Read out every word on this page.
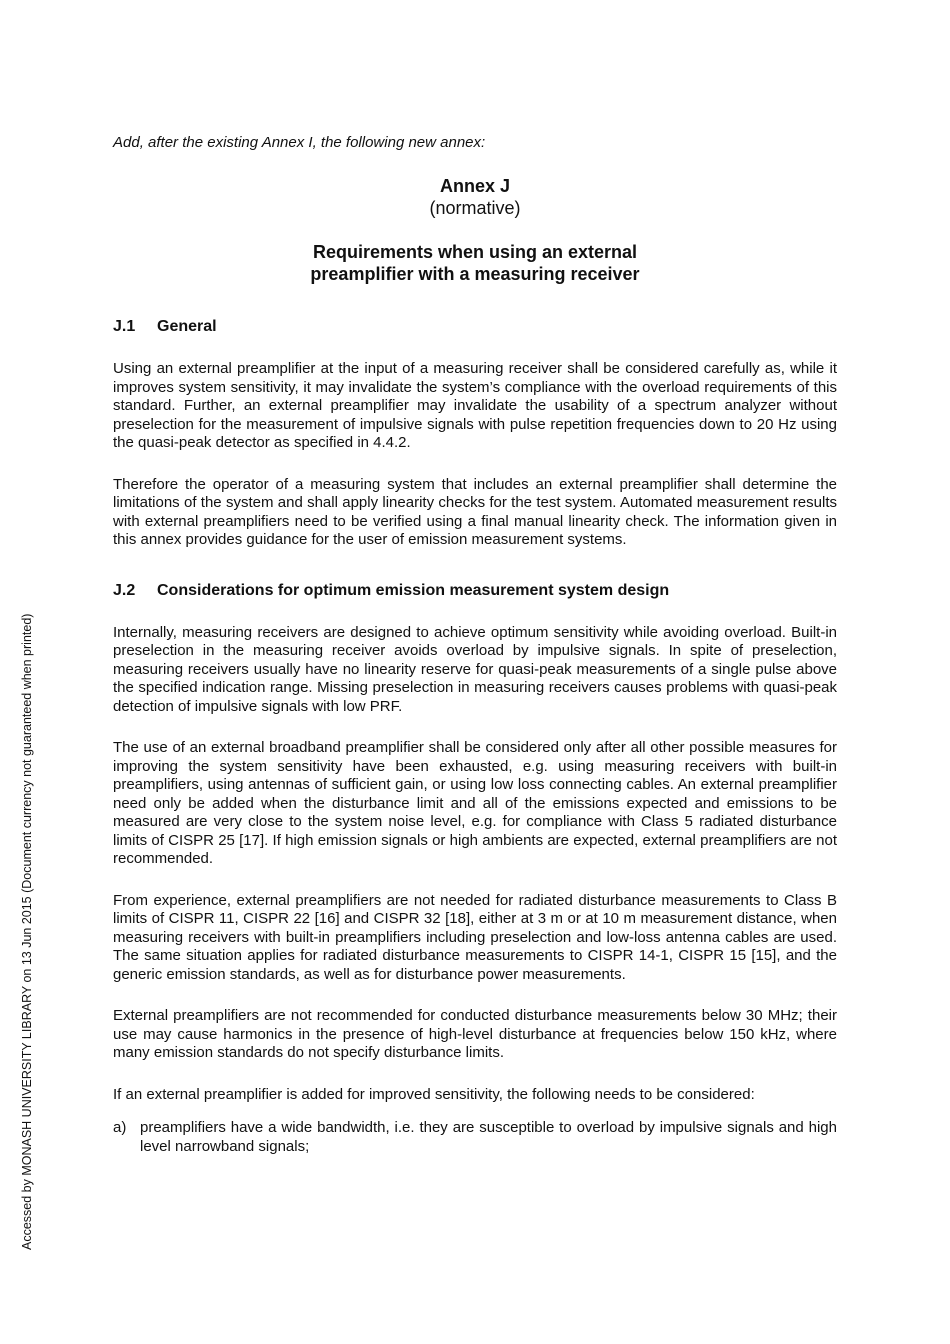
Accessed by MONASH UNIVERSITY LIBRARY on 13 Jun 2015 (Document currency not guaranteed when printed)

Add, after the existing Annex I, the following new annex:

Annex J
(normative)
Requirements when using an external
preamplifier with a measuring receiver
J.1 General

Using an external preamplifier at the input of a measuring receiver shall be considered carefully as, while it improves system sensitivity, it may invalidate the system’s compliance with the overload requirements of this standard. Further, an external preamplifier may invalidate the usability of a spectrum analyzer without preselection for the measurement of impulsive signals with pulse repetition frequencies down to 20 Hz using the quasi-peak detector as specified in 4.4.2.

Therefore the operator of a measuring system that includes an external preamplifier shall determine the limitations of the system and shall apply linearity checks for the test system. Automated measurement results with external preamplifiers need to be verified using a final manual linearity check. The information given in this annex provides guidance for the user of emission measurement systems.

J.2 Considerations for optimum emission measurement system design

Internally, measuring receivers are designed to achieve optimum sensitivity while avoiding overload. Built-in preselection in the measuring receiver avoids overload by impulsive signals. In spite of preselection, measuring receivers usually have no linearity reserve for quasi-peak measurements of a single pulse above the specified indication range. Missing preselection in measuring receivers causes problems with quasi-peak detection of impulsive signals with low PRF.

The use of an external broadband preamplifier shall be considered only after all other possible measures for improving the system sensitivity have been exhausted, e.g. using measuring receivers with built-in preamplifiers, using antennas of sufficient gain, or using low loss connecting cables. An external preamplifier need only be added when the disturbance limit and all of the emissions expected and emissions to be measured are very close to the system noise level, e.g. for compliance with Class 5 radiated disturbance limits of CISPR 25 [17]. If high emission signals or high ambients are expected, external preamplifiers are not recommended.

From experience, external preamplifiers are not needed for radiated disturbance measurements to Class B limits of CISPR 11, CISPR 22 [16] and CISPR 32 [18], either at 3 m or at 10 m measurement distance, when measuring receivers with built-in preamplifiers including preselection and low-loss antenna cables are used. The same situation applies for radiated disturbance measurements to CISPR 14-1, CISPR 15 [15], and the generic emission standards, as well as for disturbance power measurements.

External preamplifiers are not recommended for conducted disturbance measurements below 30 MHz; their use may cause harmonics in the presence of high-level disturbance at frequencies below 150 kHz, where many emission standards do not specify disturbance limits.

If an external preamplifier is added for improved sensitivity, the following needs to be considered:

a) preamplifiers have a wide bandwidth, i.e. they are susceptible to overload by impulsive signals and high level narrowband signals;
